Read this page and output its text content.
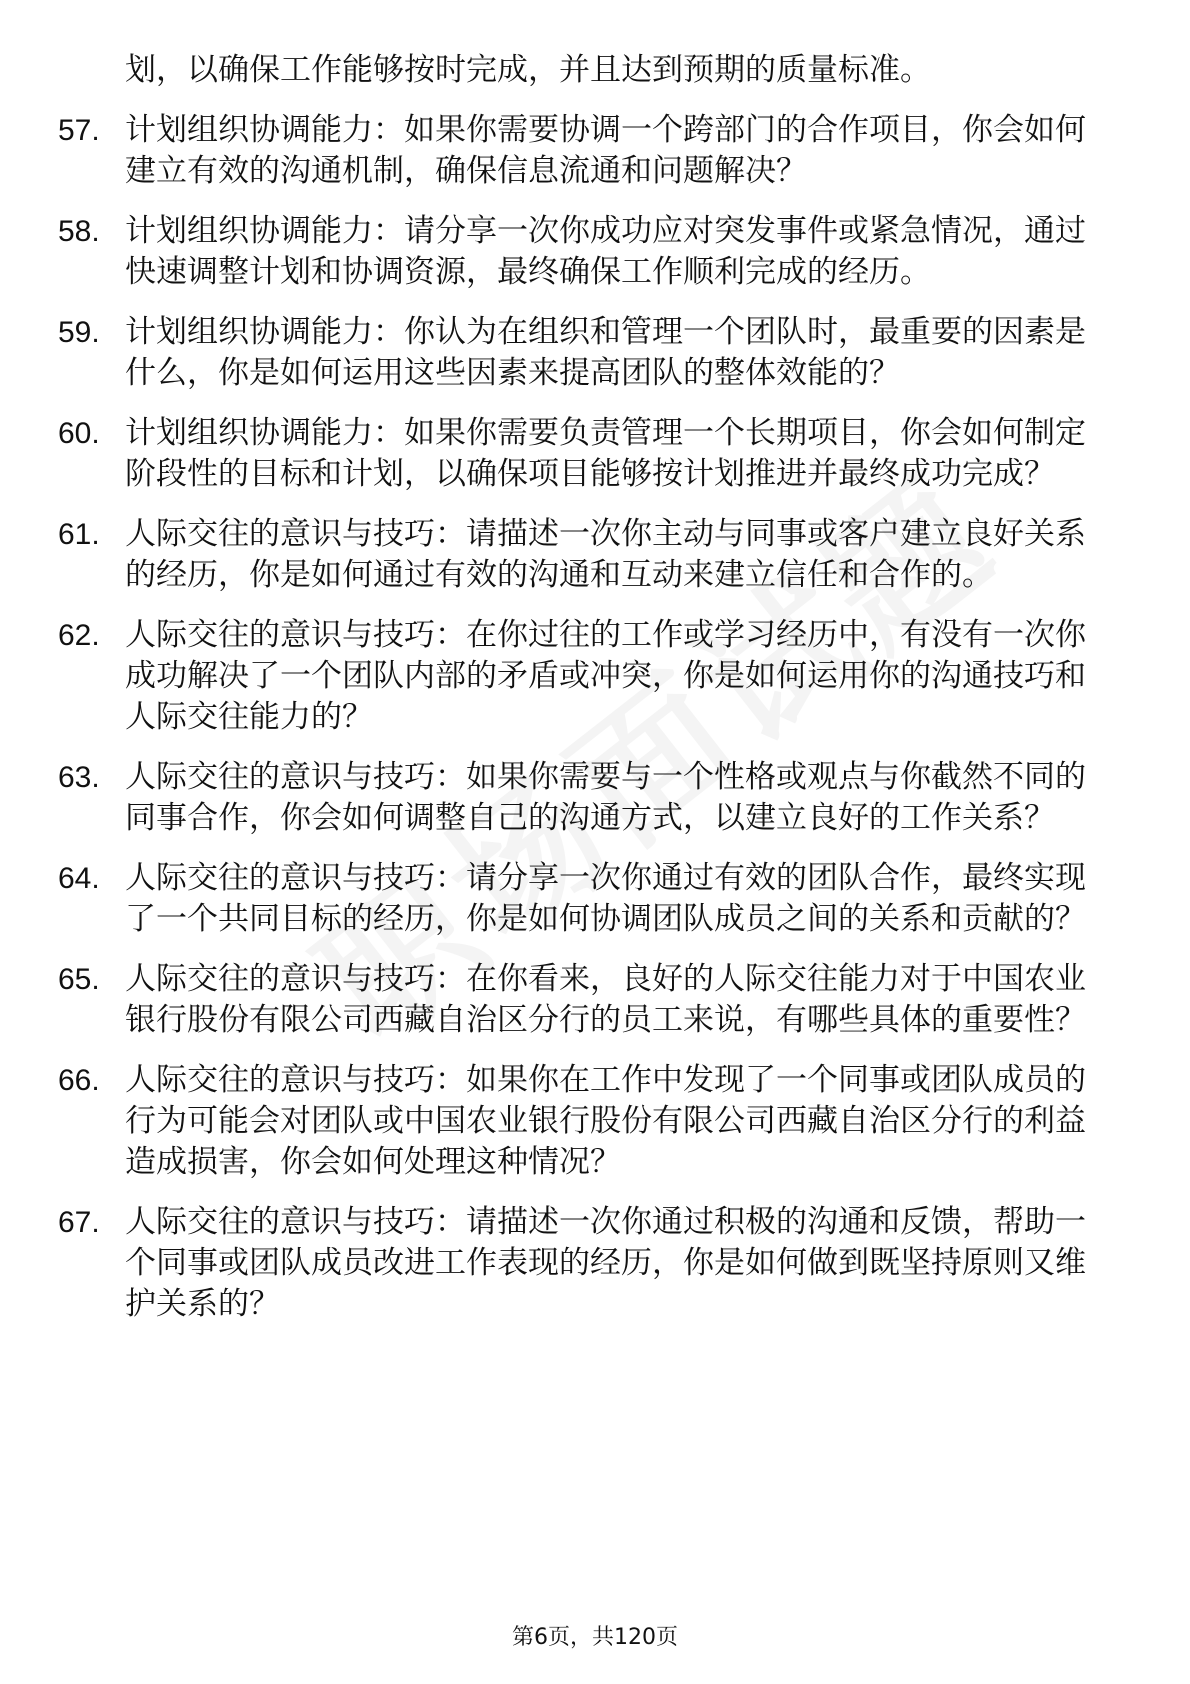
划，以确保工作能够按时完成，并且达到预期的质量标准。
57. 计划组织协调能力：如果你需要协调一个跨部门的合作项目，你会如何建立有效的沟通机制，确保信息流通和问题解决？
58. 计划组织协调能力：请分享一次你成功应对突发事件或紧急情况，通过快速调整计划和协调资源，最终确保工作顺利完成的经历。
59. 计划组织协调能力：你认为在组织和管理一个团队时，最重要的因素是什么，你是如何运用这些因素来提高团队的整体效能的？
60. 计划组织协调能力：如果你需要负责管理一个长期项目，你会如何制定阶段性的目标和计划，以确保项目能够按计划推进并最终成功完成？
61. 人际交往的意识与技巧：请描述一次你主动与同事或客户建立良好关系的经历，你是如何通过有效的沟通和互动来建立信任和合作的。
62. 人际交往的意识与技巧：在你过往的工作或学习经历中，有没有一次你成功解决了一个团队内部的矛盾或冲突，你是如何运用你的沟通技巧和人际交往能力的？
63. 人际交往的意识与技巧：如果你需要与一个性格或观点与你截然不同的同事合作，你会如何调整自己的沟通方式，以建立良好的工作关系？
64. 人际交往的意识与技巧：请分享一次你通过有效的团队合作，最终实现了一个共同目标的经历，你是如何协调团队成员之间的关系和贡献的？
65. 人际交往的意识与技巧：在你看来，良好的人际交往能力对于中国农业银行股份有限公司西藏自治区分行的员工来说，有哪些具体的重要性？
66. 人际交往的意识与技巧：如果你在工作中发现了一个同事或团队成员的行为可能会对团队或中国农业银行股份有限公司西藏自治区分行的利益造成损害，你会如何处理这种情况？
67. 人际交往的意识与技巧：请描述一次你通过积极的沟通和反馈，帮助一个同事或团队成员改进工作表现的经历，你是如何做到既坚持原则又维护关系的？
第6页，共120页
